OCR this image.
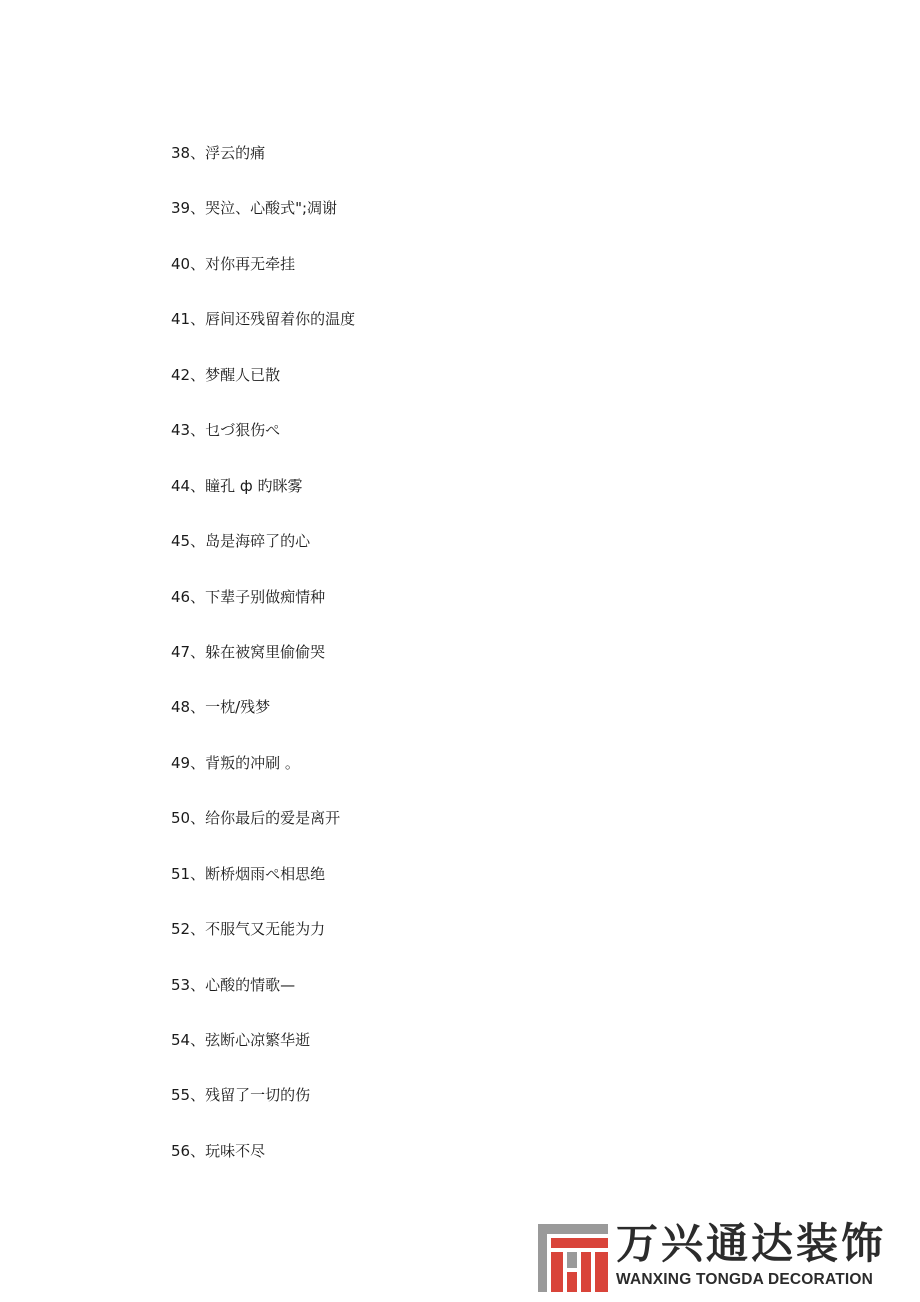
38、浮云的痛
39、哭泣、心酸式";凋谢
40、对你再无牵挂
41、唇间还残留着你的温度
42、梦醒人已散
43、乜づ狠伤ぺ
44、瞳孔 ф 旳眯雾
45、岛是海碎了的心
46、下辈子别做痴情种
47、躲在被窝里偷偷哭
48、一枕/残梦
49、背叛的冲刷 。
50、给你最后的爱是离开
51、断桥烟雨ぺ相思绝
52、不服气又无能为力
53、心酸的情歌—
54、弦断心凉繁华逝
55、残留了一切的伤
56、玩味不尽
万兴通达装饰
WANXING TONGDA DECORATION
